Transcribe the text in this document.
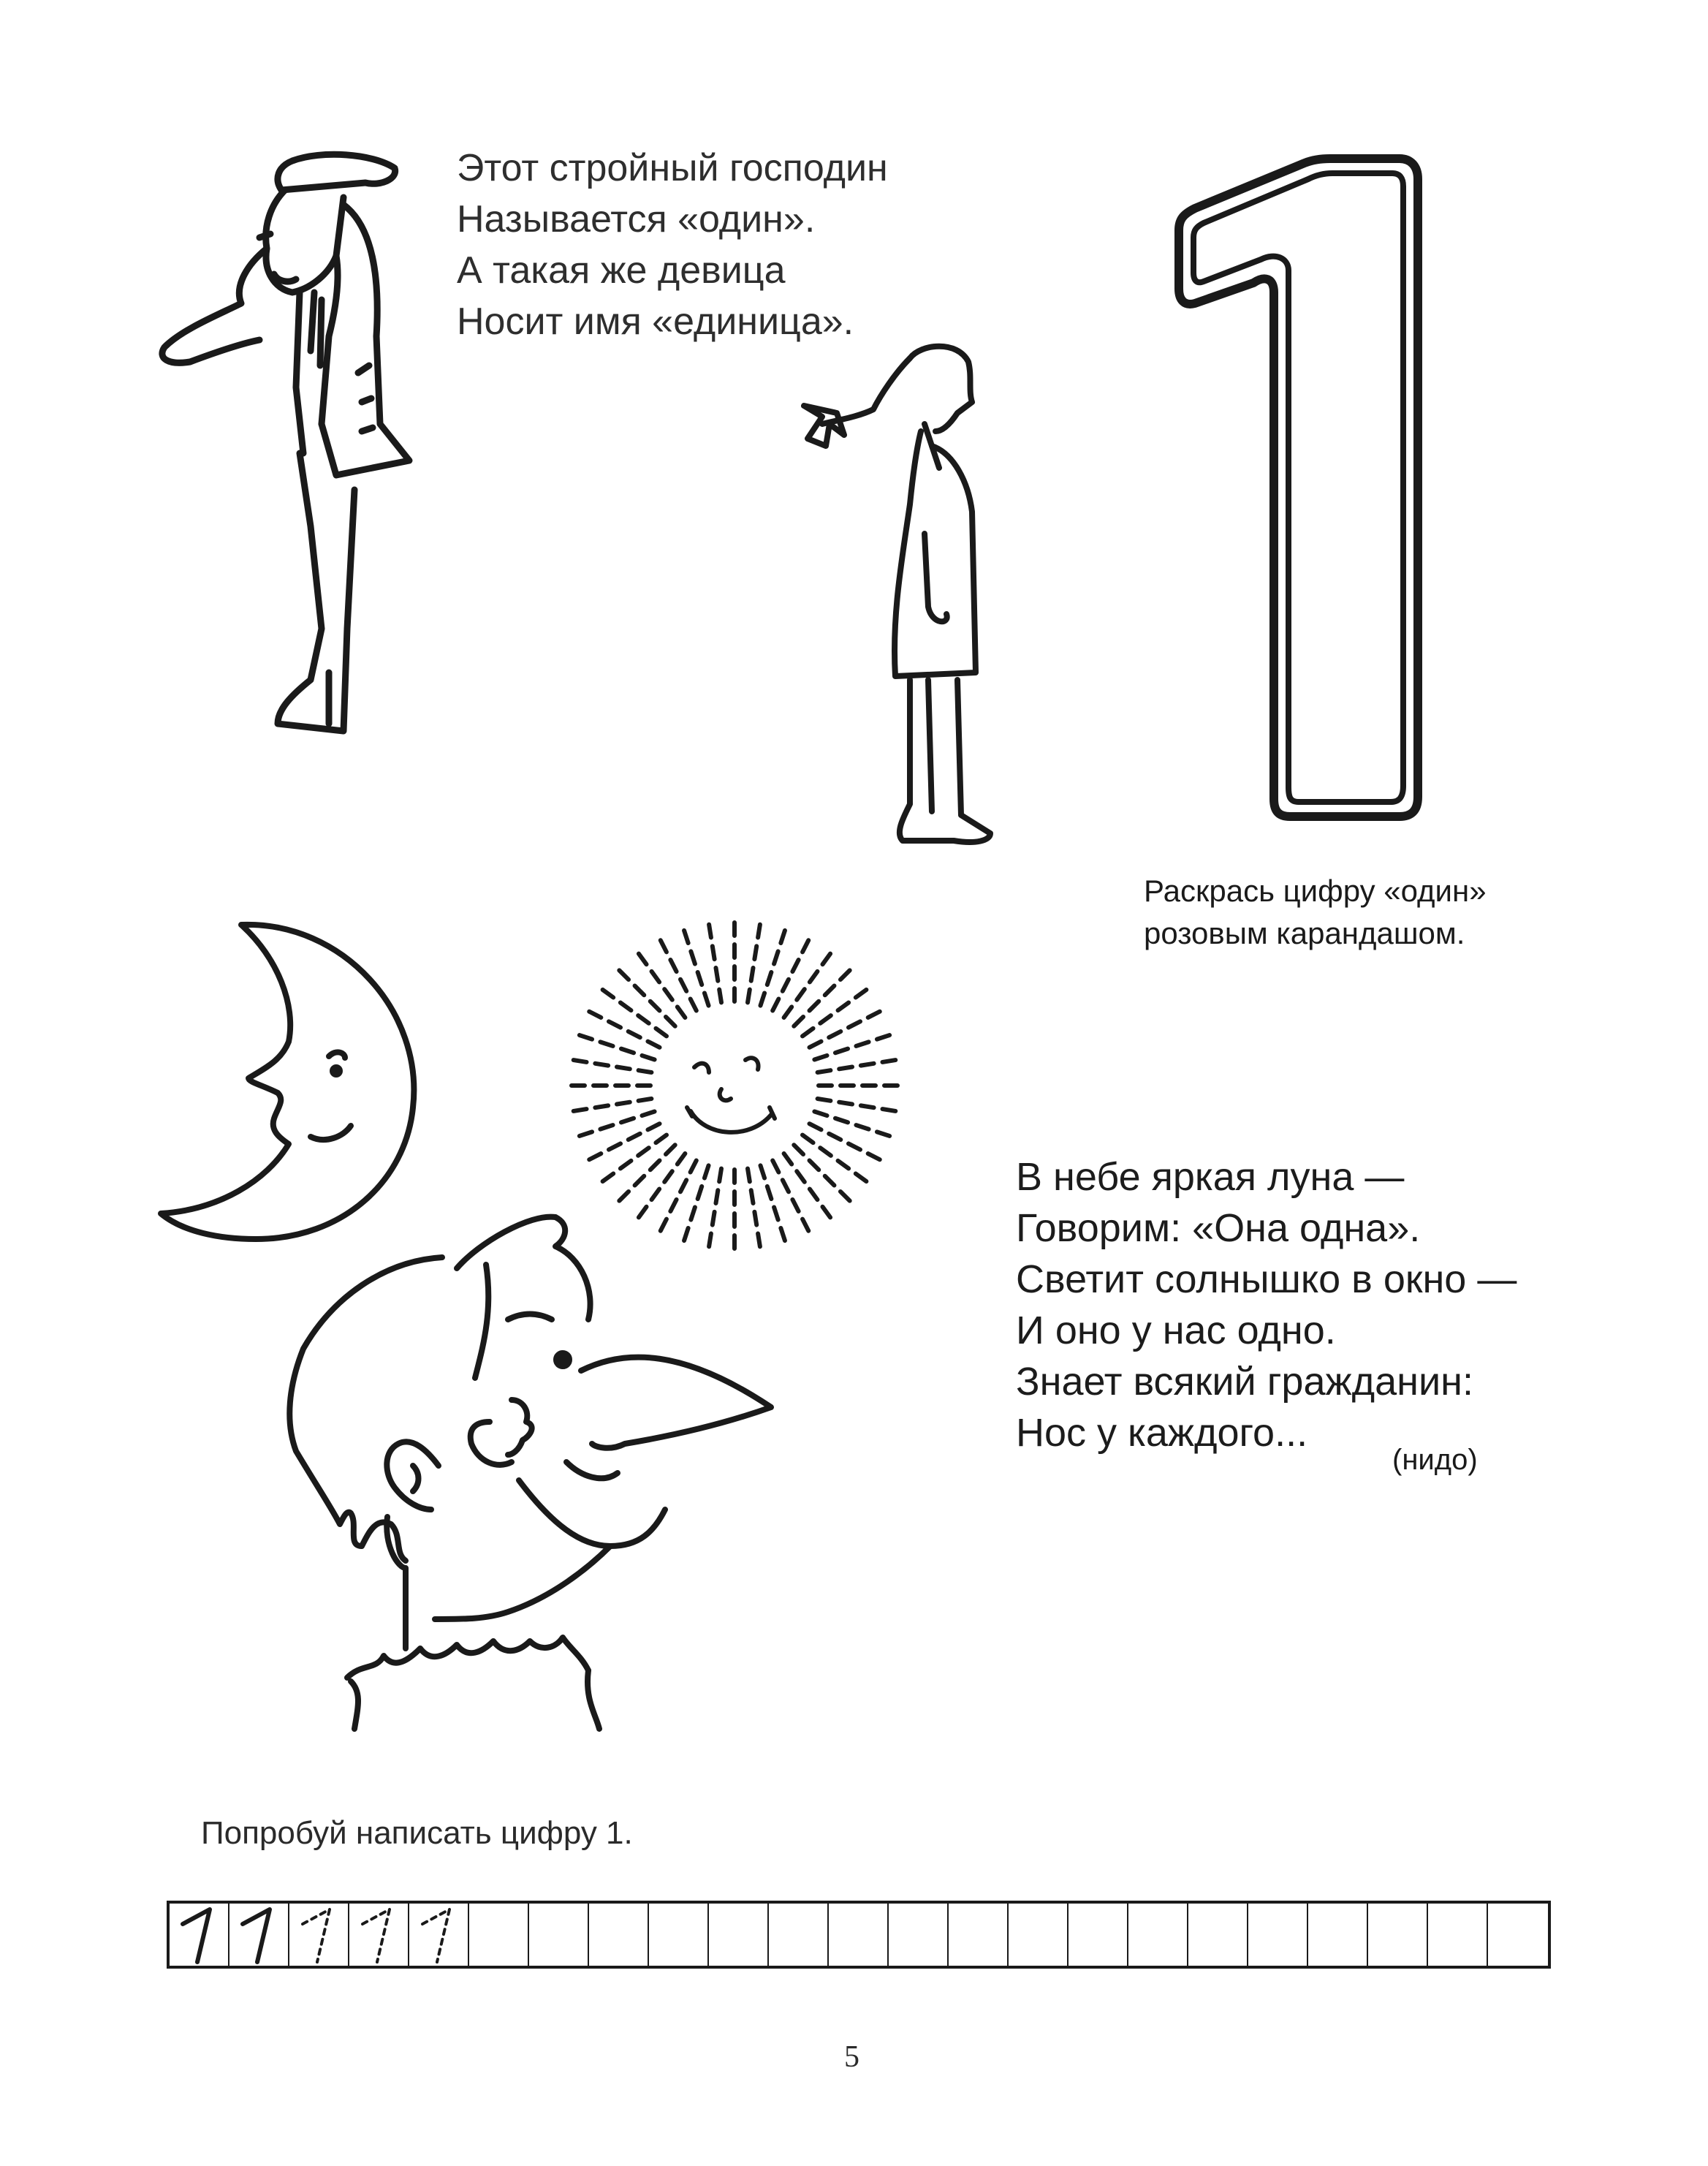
Этот стройный господин
Называется «один».
А такая же девица
Носит имя «единица».
Раскрась цифру «один»
розовым карандашом.
В небе яркая луна —
Говорим: «Она одна».
Светит солнышко в окно —
И оно у нас одно.
Знает всякий гражданин:
Нос у каждого...
(нидо)
Попробуй написать цифру 1.
5
